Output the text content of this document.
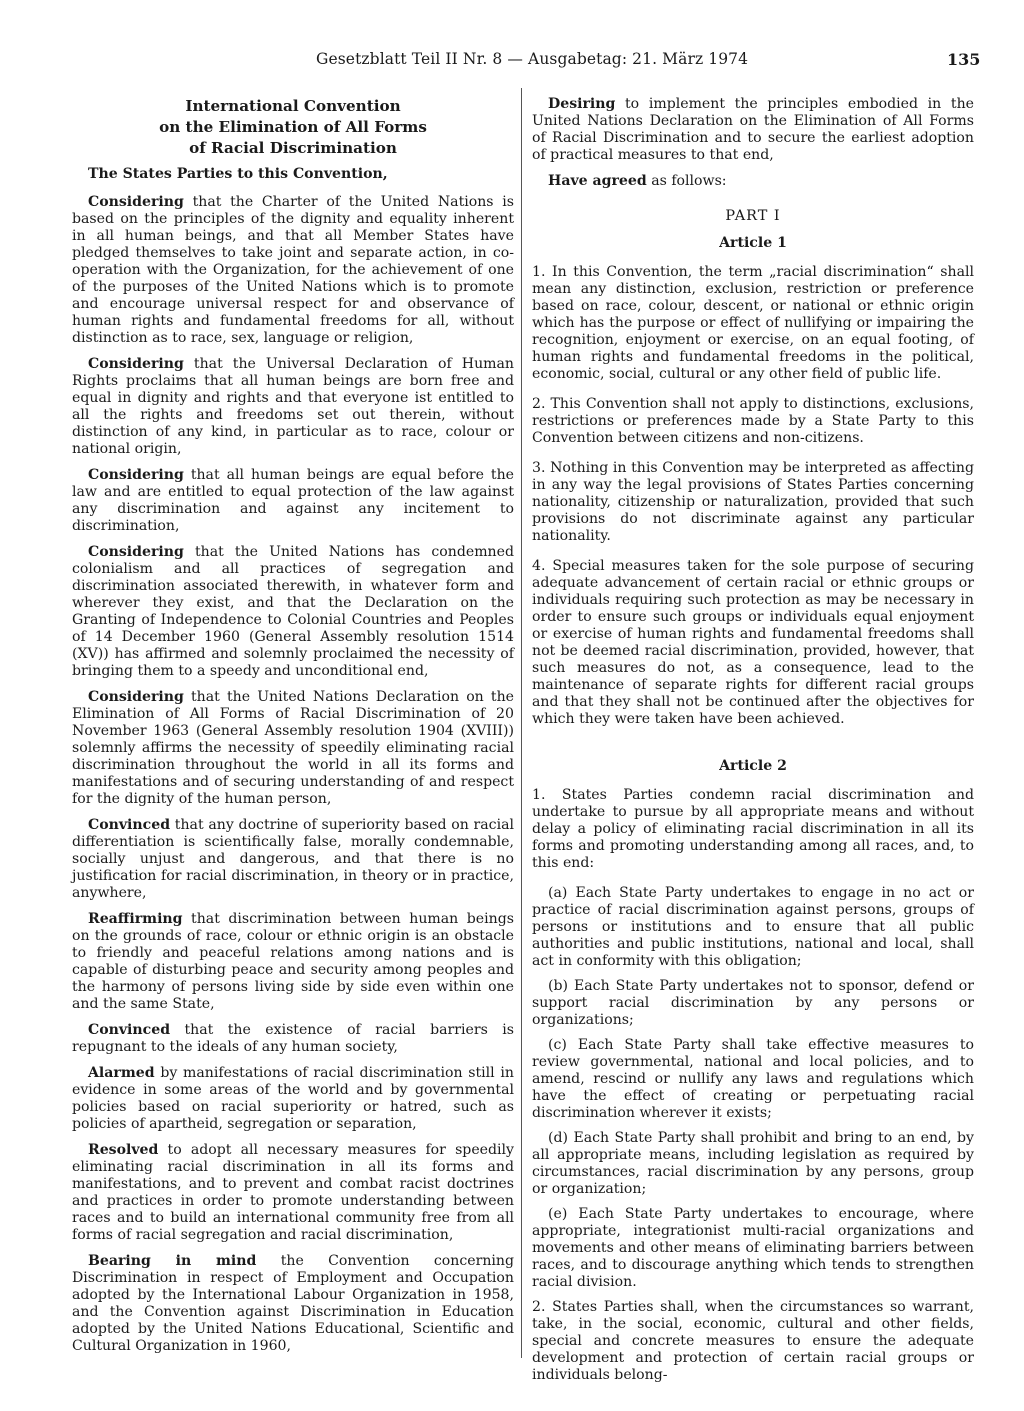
Gesetzblatt Teil II Nr. 8 — Ausgabetag: 21. März 1974	135
International Convention
on the Elimination of All Forms
of Racial Discrimination

The States Parties to this Convention,

Considering that the Charter of the United Nations is based on the principles of the dignity and equality inherent in all human beings, and that all Member States have pledged themselves to take joint and separate action, in co-operation with the Organization, for the achievement of one of the purposes of the United Nations which is to promote and encourage universal respect for and observance of human rights and fundamental freedoms for all, without distinction as to race, sex, language or religion,

Considering that the Universal Declaration of Human Rights proclaims that all human beings are born free and equal in dignity and rights and that everyone ist entitled to all the rights and freedoms set out therein, without distinction of any kind, in particular as to race, colour or national origin,

Considering that all human beings are equal before the law and are entitled to equal protection of the law against any discrimination and against any incitement to discrimination,

Considering that the United Nations has condemned colonialism and all practices of segregation and discrimination associated therewith, in whatever form and wherever they exist, and that the Declaration on the Granting of Independence to Colonial Countries and Peoples of 14 December 1960 (General Assembly resolution 1514 (XV)) has affirmed and solemnly proclaimed the necessity of bringing them to a speedy and unconditional end,

Considering that the United Nations Declaration on the Elimination of All Forms of Racial Discrimination of 20 November 1963 (General Assembly resolution 1904 (XVIII)) solemnly affirms the necessity of speedily eliminating racial discrimination throughout the world in all its forms and manifestations and of securing understanding of and respect for the dignity of the human person,

Convinced that any doctrine of superiority based on racial differentiation is scientifically false, morally condemnable, socially unjust and dangerous, and that there is no justification for racial discrimination, in theory or in practice, anywhere,

Reaffirming that discrimination between human beings on the grounds of race, colour or ethnic origin is an obstacle to friendly and peaceful relations among nations and is capable of disturbing peace and security among peoples and the harmony of persons living side by side even within one and the same State,

Convinced that the existence of racial barriers is repugnant to the ideals of any human society,

Alarmed by manifestations of racial discrimination still in evidence in some areas of the world and by governmental policies based on racial superiority or hatred, such as policies of apartheid, segregation or separation,

Resolved to adopt all necessary measures for speedily eliminating racial discrimination in all its forms and manifestations, and to prevent and combat racist doctrines and practices in order to promote understanding between races and to build an international community free from all forms of racial segregation and racial discrimination,

Bearing in mind the Convention concerning Discrimination in respect of Employment and Occupation adopted by the International Labour Organization in 1958, and the Convention against Discrimination in Education adopted by the United Nations Educational, Scientific and Cultural Organization in 1960,

Desiring to implement the principles embodied in the United Nations Declaration on the Elimination of All Forms of Racial Discrimination and to secure the earliest adoption of practical measures to that end,

Have agreed as follows:

PART I
Article 1

1. In this Convention, the term „racial discrimination“ shall mean any distinction, exclusion, restriction or preference based on race, colour, descent, or national or ethnic origin which has the purpose or effect of nullifying or impairing the recognition, enjoyment or exercise, on an equal footing, of human rights and fundamental freedoms in the political, economic, social, cultural or any other field of public life.

2. This Convention shall not apply to distinctions, exclusions, restrictions or preferences made by a State Party to this Convention between citizens and non-citizens.

3. Nothing in this Convention may be interpreted as affecting in any way the legal provisions of States Parties concerning nationality, citizenship or naturalization, provided that such provisions do not discriminate against any particular nationality.

4. Special measures taken for the sole purpose of securing adequate advancement of certain racial or ethnic groups or individuals requiring such protection as may be necessary in order to ensure such groups or individuals equal enjoyment or exercise of human rights and fundamental freedoms shall not be deemed racial discrimination, provided, however, that such measures do not, as a consequence, lead to the maintenance of separate rights for different racial groups and that they shall not be continued after the objectives for which they were taken have been achieved.

Article 2

1. States Parties condemn racial discrimination and undertake to pursue by all appropriate means and without delay a policy of eliminating racial discrimination in all its forms and promoting understanding among all races, and, to this end:

(a) Each State Party undertakes to engage in no act or practice of racial discrimination against persons, groups of persons or institutions and to ensure that all public authorities and public institutions, national and local, shall act in conformity with this obligation;

(b) Each State Party undertakes not to sponsor, defend or support racial discrimination by any persons or organizations;

(c) Each State Party shall take effective measures to review governmental, national and local policies, and to amend, rescind or nullify any laws and regulations which have the effect of creating or perpetuating racial discrimination wherever it exists;

(d) Each State Party shall prohibit and bring to an end, by all appropriate means, including legislation as required by circumstances, racial discrimination by any persons, group or organization;

(e) Each State Party undertakes to encourage, where appropriate, integrationist multi-racial organizations and movements and other means of eliminating barriers between races, and to discourage anything which tends to strengthen racial division.

2. States Parties shall, when the circumstances so warrant, take, in the social, economic, cultural and other fields, special and concrete measures to ensure the adequate development and protection of certain racial groups or individuals belong-
